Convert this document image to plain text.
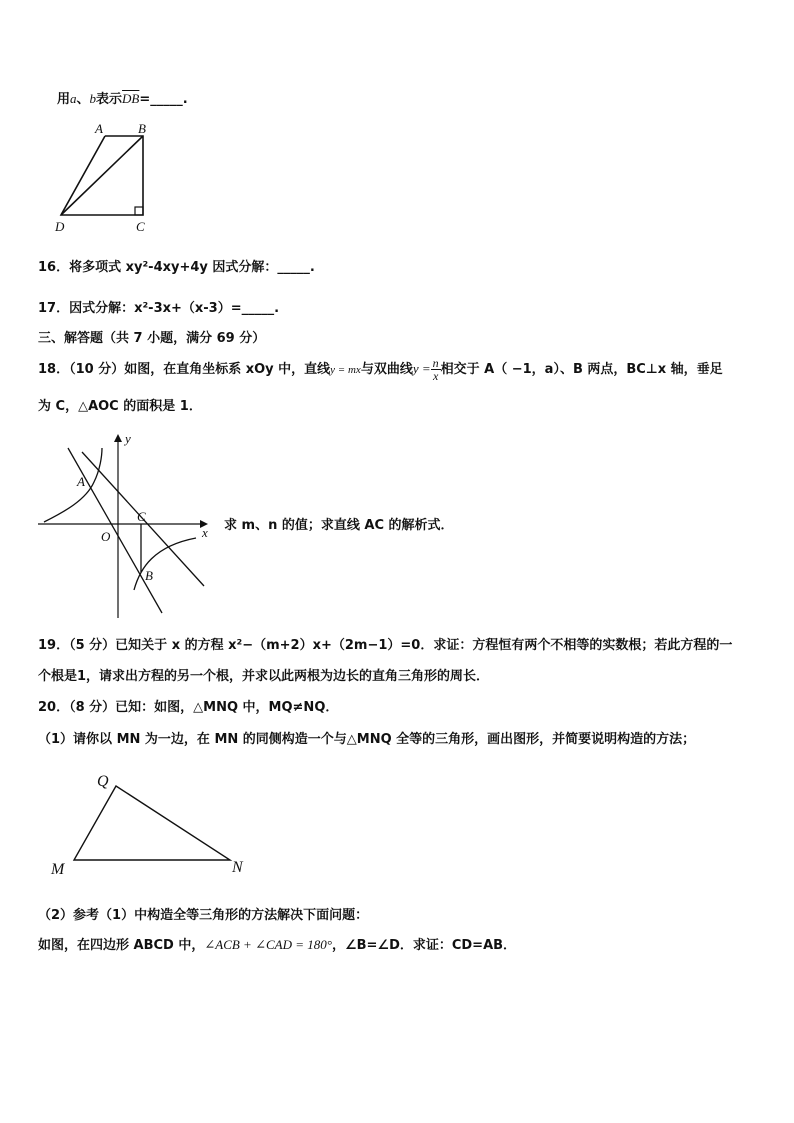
用a、b表示$\overline{DB}=\_\_\_\_\_$.
A	B
D	C
16．将多项式 xy²-4xy+4y 因式分解：_____.
17．因式分解：x²-3x+（x-3）=_____.
三、解答题（共 7 小题，满分 69 分）
18．（10 分）如图，在直角坐标系 xOy 中，直线y = mx与双曲线$y = \frac{n}{x}$ 相交于 A（ −1，a）、B 两点，BC⊥x 轴，垂足
为 C，△AOC 的面积是 1．
y
A
C
O	x
B
求 m、n 的值；求直线 AC 的解析式．
19．（5 分）已知关于 x 的方程 x²−（m+2）x+（2m−1）=0．求证：方程恒有两个不相等的实数根；若此方程的一
个根是1，请求出方程的另一个根，并求以此两根为边长的直角三角形的周长．
20．（8 分）已知：如图，△MNQ 中，MQ≠NQ．
（1）请你以 MN 为一边，在 MN 的同侧构造一个与△MNQ 全等的三角形，画出图形，并简要说明构造的方法；
Q
M	N
（2）参考（1）中构造全等三角形的方法解决下面问题：
如图，在四边形 ABCD 中，∠ACB + ∠CAD = 180°，∠B=∠D．求证：CD=AB．
